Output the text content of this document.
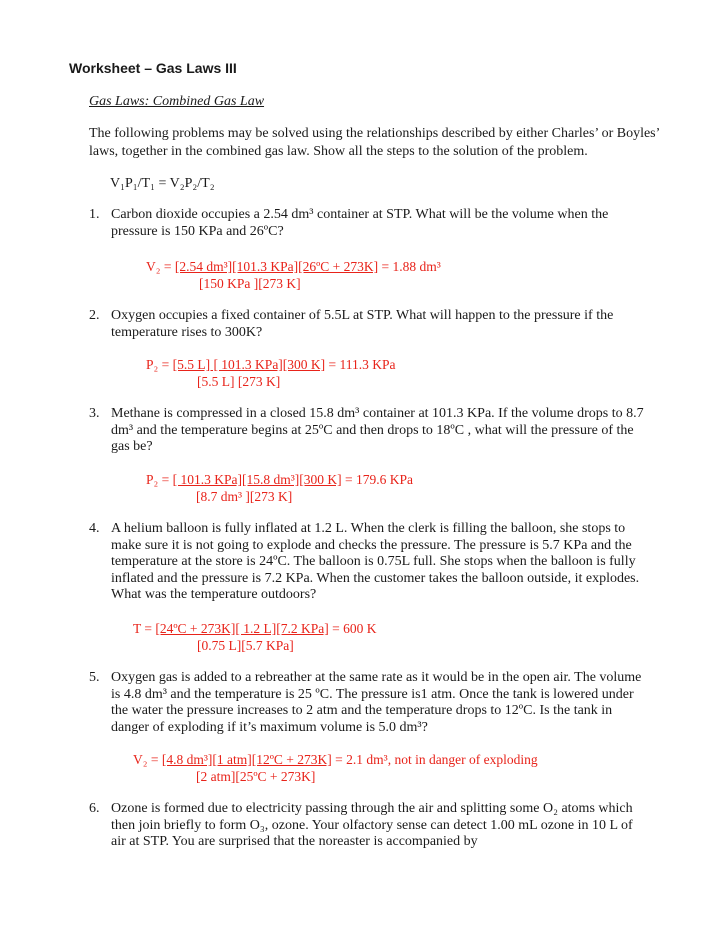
Worksheet – Gas Laws III
Gas Laws: Combined Gas Law
The following problems may be solved using the relationships described by either Charles’ or Boyles’ laws, together in the combined gas law. Show all the steps to the solution of the problem.
V₁P₁/T₁ = V₂P₂/T₂
1. Carbon dioxide occupies a 2.54 dm³ container at STP. What will be the volume when the pressure is 150 KPa and 26ºC?
V₂ = [2.54 dm³][101.3 KPa][26ºC + 273K] = 1.88 dm³
[150 KPa ][273 K]
2. Oxygen occupies a fixed container of 5.5L at STP. What will happen to the pressure if the temperature rises to 300K?
P₂ = [5.5 L] [ 101.3 KPa][300 K] = 111.3 KPa
[5.5 L] [273 K]
3. Methane is compressed in a closed 15.8 dm³ container at 101.3 KPa. If the volume drops to 8.7 dm³ and the temperature begins at 25ºC and then drops to 18ºC , what will the pressure of the gas be?
P₂ = [ 101.3 KPa][15.8 dm³][300 K] = 179.6 KPa
[8.7 dm³ ][273 K]
4. A helium balloon is fully inflated at 1.2 L. When the clerk is filling the balloon, she stops to make sure it is not going to explode and checks the pressure. The pressure is 5.7 KPa and the temperature at the store is 24ºC. The balloon is 0.75L full. She stops when the balloon is fully inflated and the pressure is 7.2 KPa. When the customer takes the balloon outside, it explodes. What was the temperature outdoors?
T = [24ºC + 273K][ 1.2 L][7.2 KPa] = 600 K
[0.75 L][5.7 KPa]
5. Oxygen gas is added to a rebreather at the same rate as it would be in the open air. The volume is 4.8 dm³ and the temperature is 25 ºC. The pressure is1 atm. Once the tank is lowered under the water the pressure increases to 2 atm and the temperature drops to 12ºC. Is the tank in danger of exploding if it’s maximum volume is 5.0 dm³?
V₂ = [4.8 dm³][1 atm][12ºC + 273K] = 2.1 dm³, not in danger of exploding
[2 atm][25ºC + 273K]
6. Ozone is formed due to electricity passing through the air and splitting some O₂ atoms which then join briefly to form O₃, ozone. Your olfactory sense can detect 1.00 mL ozone in 10 L of air at STP. You are surprised that the noreaster is accompanied by
